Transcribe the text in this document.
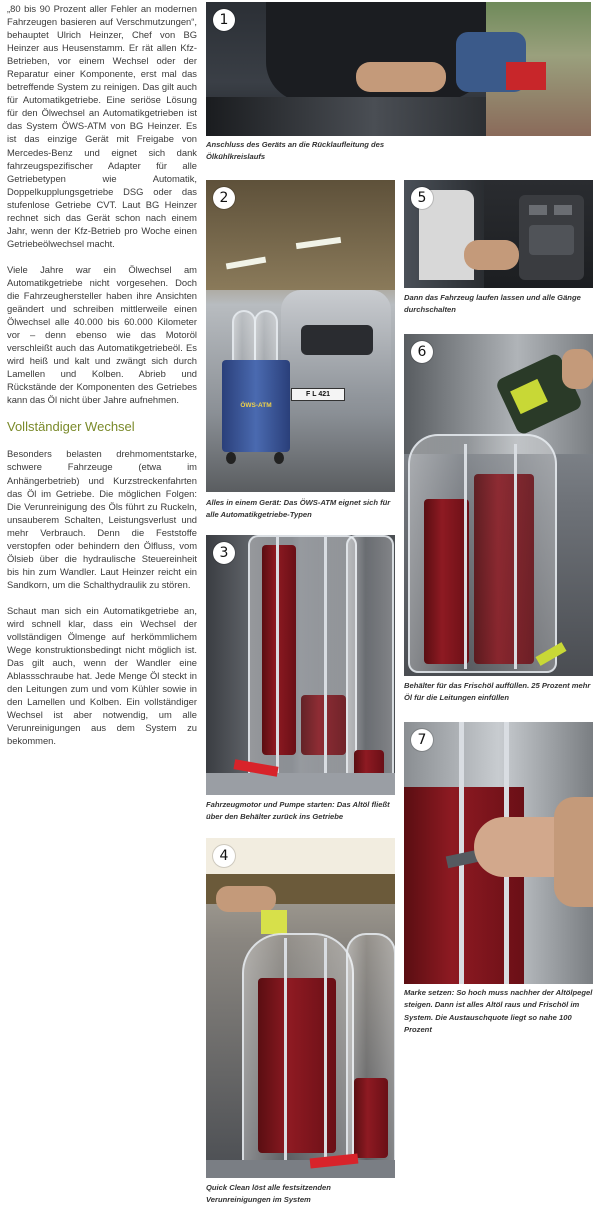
„80 bis 90 Prozent aller Fehler an modernen Fahrzeugen basieren auf Verschmutzungen“, behauptet Ulrich Heinzer, Chef von BG Heinzer aus Heusenstamm. Er rät allen Kfz-Betrieben, vor einem Wechsel oder der Reparatur einer Komponente, erst mal das betreffende System zu reinigen. Das gilt auch für Automatikgetriebe. Eine seriöse Lösung für den Ölwechsel an Automatikgetrieben ist das System ÖWS-ATM von BG Heinzer. Es ist das einzige Gerät mit Freigabe von Mercedes-Benz und eignet sich dank fahrzeugspezifischer Adapter für alle Getriebetypen wie Automatik, Doppelkupplungsgetriebe DSG oder das stufenlose Getriebe CVT. Laut BG Heinzer rechnet sich das Gerät schon nach einem Jahr, wenn der Kfz-Betrieb pro Woche einen Getriebeölwechsel macht.

Viele Jahre war ein Ölwechsel am Automatikgetriebe nicht vorgesehen. Doch die Fahrzeughersteller haben ihre Ansichten geändert und schreiben mittlerweile einen Ölwechsel alle 40.000 bis 60.000 Kilometer vor – denn ebenso wie das Motoröl verschleißt auch das Automatikgetriebeöl. Es wird heiß und kalt und zwängt sich durch Lamellen und Kolben. Abrieb und Rückstände der Komponenten des Getriebes kann das Öl nicht über Jahre aufnehmen.

Vollständiger Wechsel

Besonders belasten drehmomentstarke, schwere Fahrzeuge (etwa im Anhängerbetrieb) und Kurzstreckenfahrten das Öl im Getriebe. Die möglichen Folgen: Die Verunreinigung des Öls führt zu Ruckeln, unsauberem Schalten, Leistungsverlust und mehr Verbrauch. Denn die Feststoffe verstopfen oder behindern den Ölfluss, vom Ölsieb über die hydraulische Steuereinheit bis hin zum Wandler. Laut Heinzer reicht ein Sandkorn, um die Schalthydraulik zu stören.

Schaut man sich ein Automatikgetriebe an, wird schnell klar, dass ein Wechsel der vollständigen Ölmenge auf herkömmlichem Wege konstruktionsbedingt nicht möglich ist. Das gilt auch, wenn der Wandler eine Ablassschraube hat. Jede Menge Öl steckt in den Leitungen zum und vom Kühler sowie in den Lamellen und Kolben. Ein vollständiger Wechsel ist aber notwendig, um alle Verunreinigungen aus dem System zu bekommen.

1
Anschluss des Geräts an die Rücklaufleitung des Ölkühlkreislaufs
F L 421
ÖWS-ATM
2
Alles in einem Gerät: Das ÖWS-ATM eignet sich für alle Automatikgetriebe-Typen
3
Fahrzeugmotor und Pumpe starten: Das Altöl fließt über den Behälter zurück ins Getriebe
4
Quick Clean löst alle festsitzenden Verunreinigungen im System
5
Dann das Fahrzeug laufen lassen und alle Gänge durchschalten
6
Behälter für das Frischöl auffüllen. 25 Prozent mehr Öl für die Leitungen einfüllen
7
Marke setzen: So hoch muss nachher der Altölpegel steigen. Dann ist alles Altöl raus und Frischöl im System. Die Austauschquote liegt so nahe 100 Prozent
